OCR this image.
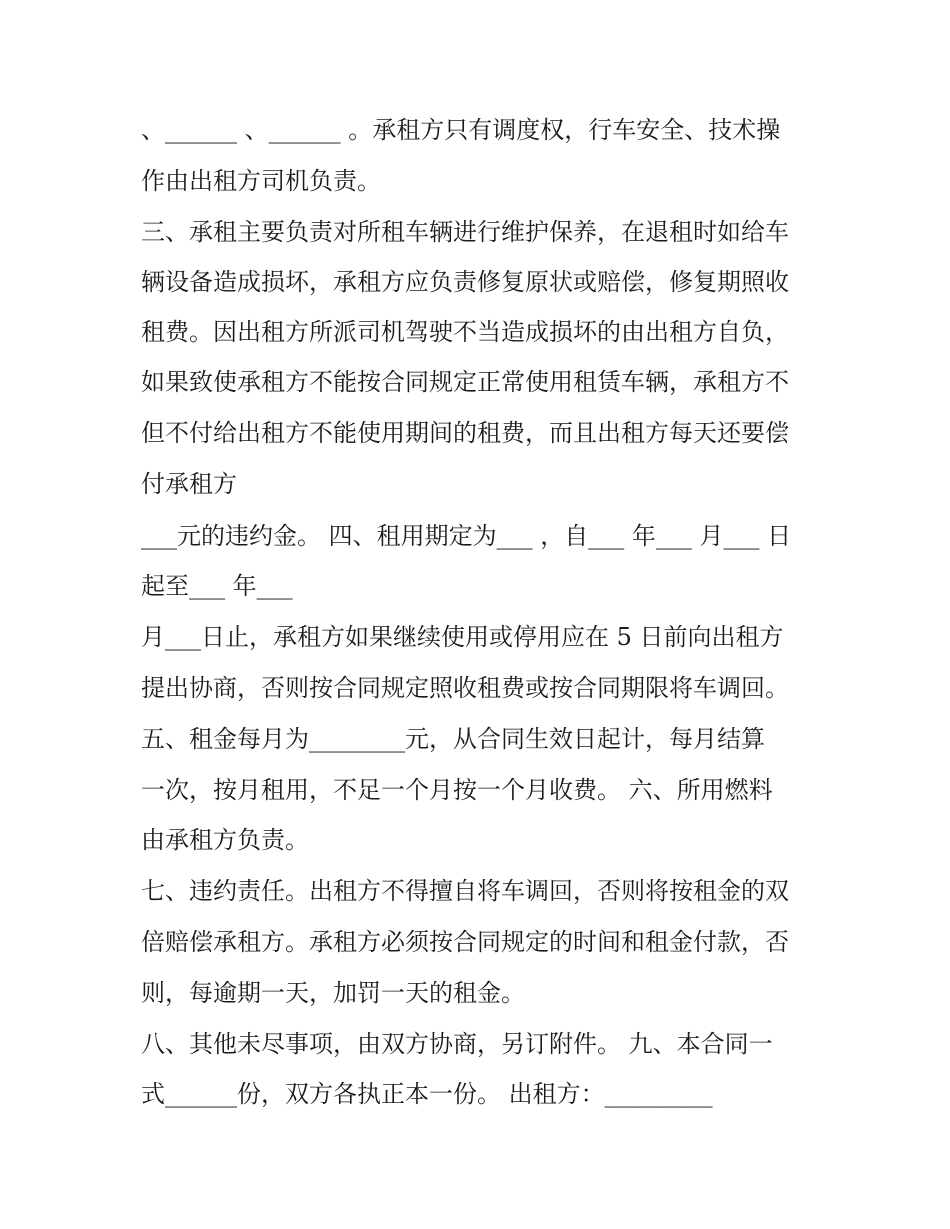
、______ 、______ 。承租方只有调度权，行车安全、技术操
作由出租方司机负责。
三、承租主要负责对所租车辆进行维护保养，在退租时如给车
辆设备造成损坏，承租方应负责修复原状或赔偿，修复期照收
租费。因出租方所派司机驾驶不当造成损坏的由出租方自负，
如果致使承租方不能按合同规定正常使用租赁车辆，承租方不
但不付给出租方不能使用期间的租费，而且出租方每天还要偿
付承租方
___元的违约金。 四、租用期定为___ ，自___ 年___ 月___ 日
起至___ 年___
月___日止，承租方如果继续使用或停用应在 5 日前向出租方
提出协商，否则按合同规定照收租费或按合同期限将车调回。
五、租金每月为________元，从合同生效日起计，每月结算
一次，按月租用，不足一个月按一个月收费。 六、所用燃料
由承租方负责。
七、违约责任。出租方不得擅自将车调回，否则将按租金的双
倍赔偿承租方。承租方必须按合同规定的时间和租金付款，否
则，每逾期一天，加罚一天的租金。
八、其他未尽事项，由双方协商，另订附件。 九、本合同一
式______份，双方各执正本一份。 出租方：_________
